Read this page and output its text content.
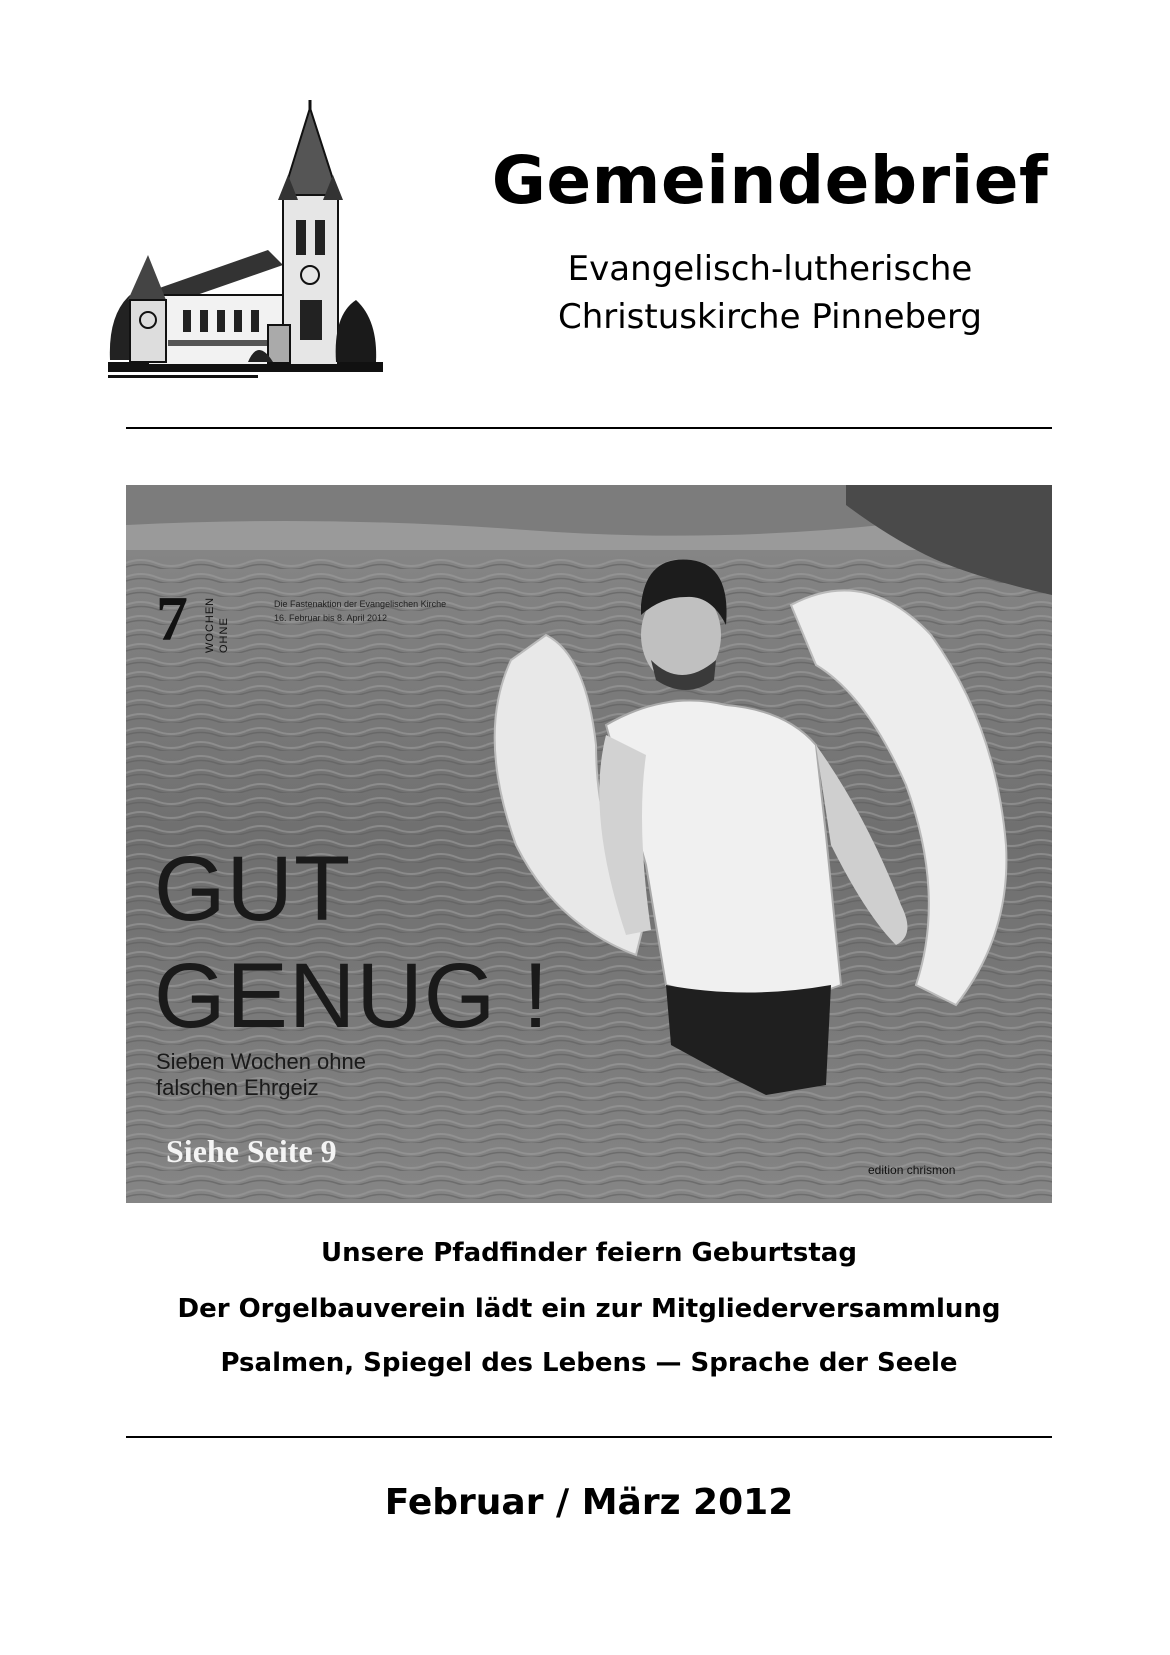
Gemeindebrief
Evangelisch-lutherische
Christuskirche Pinneberg
7 WOCHEN OHNE
Die Fastenaktion der Evangelischen Kirche
16. Februar bis 8. April 2012
GUT
GENUG !
Sieben Wochen ohne
falschen Ehrgeiz
Siehe Seite 9
edition chrismon
Unsere Pfadfinder feiern Geburtstag
Der Orgelbauverein lädt ein zur Mitgliederversammlung
Psalmen, Spiegel des Lebens — Sprache der Seele
Februar / März 2012
